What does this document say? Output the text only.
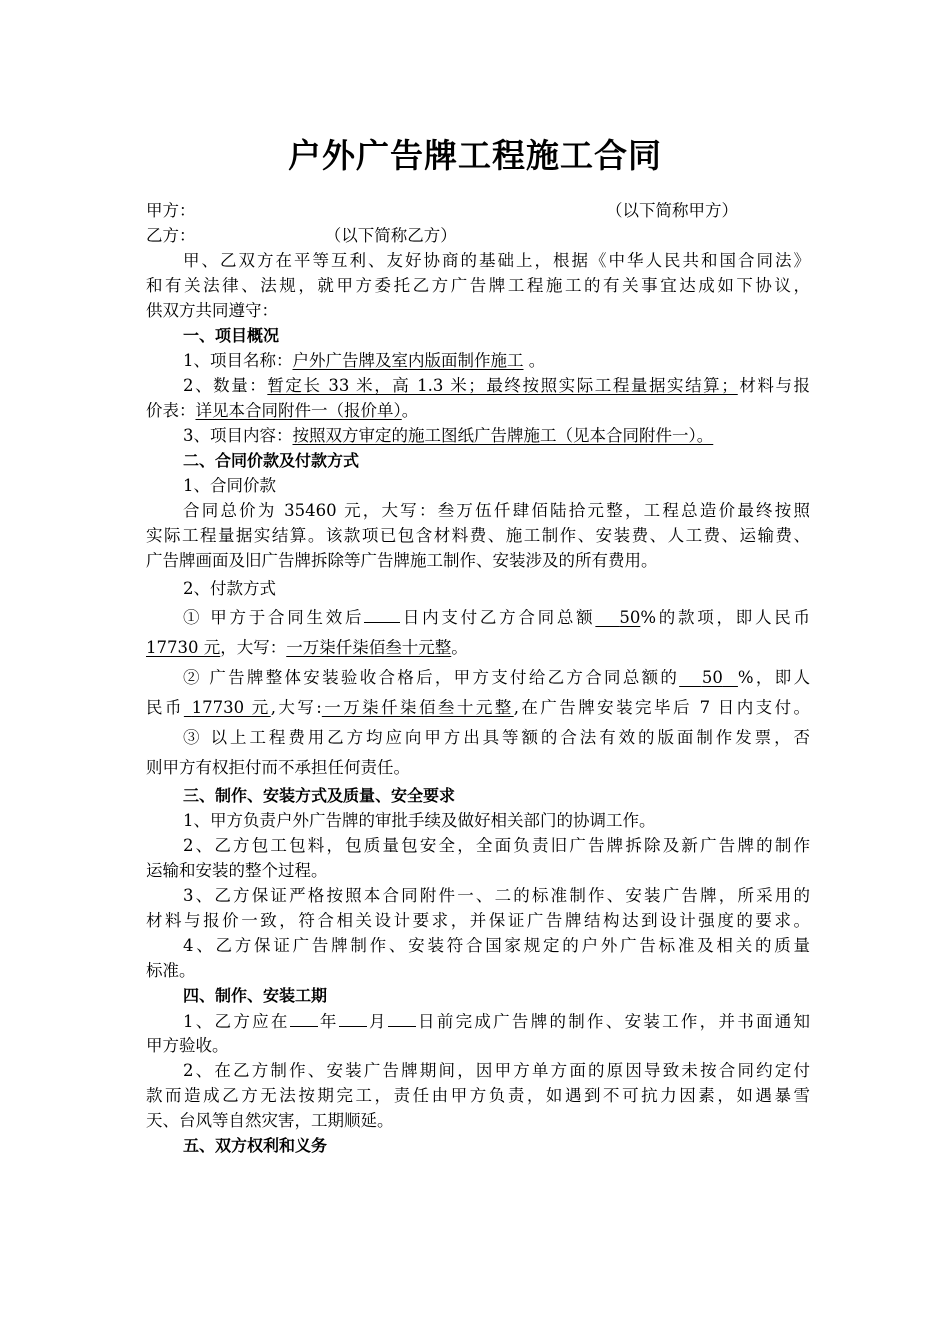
户外广告牌工程施工合同
甲方：	（以下简称甲方）
乙方：	（以下简称乙方）
甲、乙双方在平等互利、友好协商的基础上，根据《中华人民共和国合同法》
和有关法律、法规，就甲方委托乙方广告牌工程施工的有关事宜达成如下协议，
供双方共同遵守：
一、项目概况
1、项目名称：户外广告牌及室内版面制作施工 。
2、数量：暂定长 33 米，高 1.3 米；最终按照实际工程量据实结算；材料与报
价表：详见本合同附件一（报价单）。
3、项目内容：按照双方审定的施工图纸广告牌施工（见本合同附件一）。
二、合同价款及付款方式
1、合同价款
合同总价为 35460 元，大写：叁万伍仟肆佰陆拾元整，工程总造价最终按照
实际工程量据实结算。该款项已包含材料费、施工制作、安装费、人工费、运输费、
广告牌画面及旧广告牌拆除等广告牌施工制作、安装涉及的所有费用。
2、付款方式
① 甲方于合同生效后 日内支付乙方合同总额 50%的款项，即人民币
17730 元，大写：一万柒仟柒佰叁十元整。
② 广告牌整体安装验收合格后，甲方支付给乙方合同总额的 50 %，即人
民币 17730 元,大写:一万柒仟柒佰叁十元整,在广告牌安装完毕后 7 日内支付。
③ 以上工程费用乙方均应向甲方出具等额的合法有效的版面制作发票，否
则甲方有权拒付而不承担任何责任。
三、制作、安装方式及质量、安全要求
1、甲方负责户外广告牌的审批手续及做好相关部门的协调工作。
2、乙方包工包料，包质量包安全，全面负责旧广告牌拆除及新广告牌的制作
运输和安装的整个过程。
3、乙方保证严格按照本合同附件一、二的标准制作、安装广告牌，所采用的
材料与报价一致，符合相关设计要求，并保证广告牌结构达到设计强度的要求。
4、乙方保证广告牌制作、安装符合国家规定的户外广告标准及相关的质量
标准。
四、制作、安装工期
1、乙方应在 年 月 日前完成广告牌的制作、安装工作，并书面通知
甲方验收。
2、在乙方制作、安装广告牌期间，因甲方单方面的原因导致未按合同约定付
款而造成乙方无法按期完工，责任由甲方负责，如遇到不可抗力因素，如遇暴雪
天、台风等自然灾害，工期顺延。
五、双方权利和义务
